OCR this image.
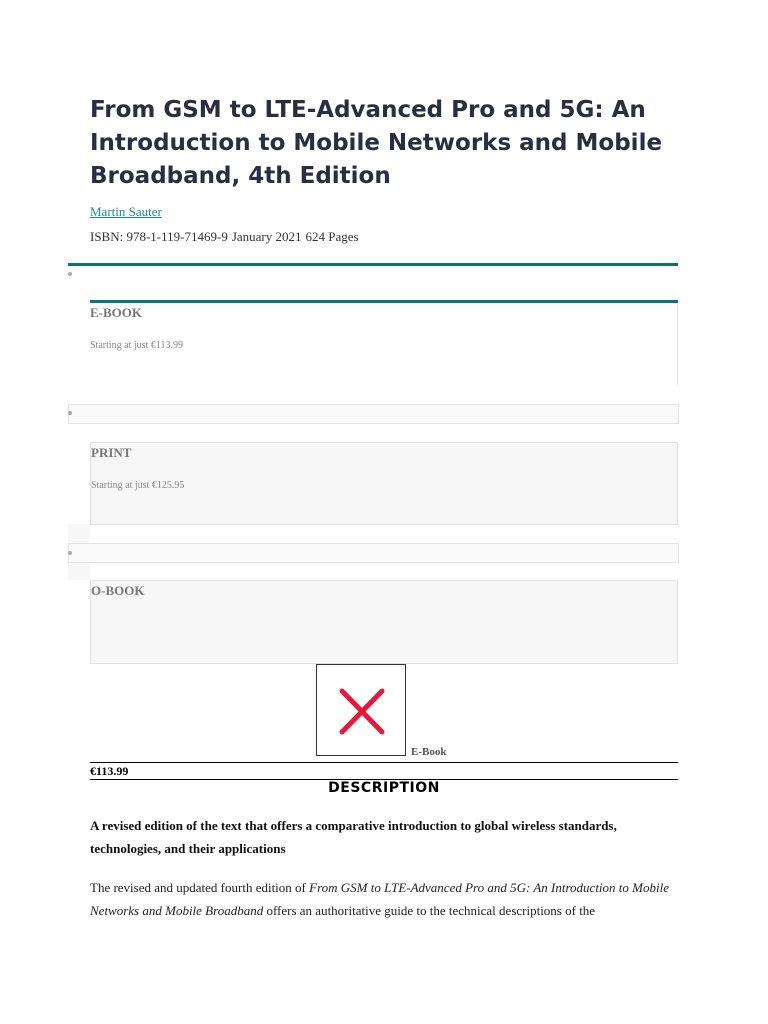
From GSM to LTE-Advanced Pro and 5G: An Introduction to Mobile Networks and Mobile Broadband, 4th Edition
Martin Sauter
ISBN: 978-1-119-71469-9 January 2021 624 Pages
E-BOOK
Starting at just €113.99
PRINT
Starting at just €125.95
O-BOOK
E-Book
€113.99
DESCRIPTION
A revised edition of the text that offers a comparative introduction to global wireless standards, technologies, and their applications
The revised and updated fourth edition of From GSM to LTE-Advanced Pro and 5G: An Introduction to Mobile Networks and Mobile Broadband offers an authoritative guide to the technical descriptions of the
